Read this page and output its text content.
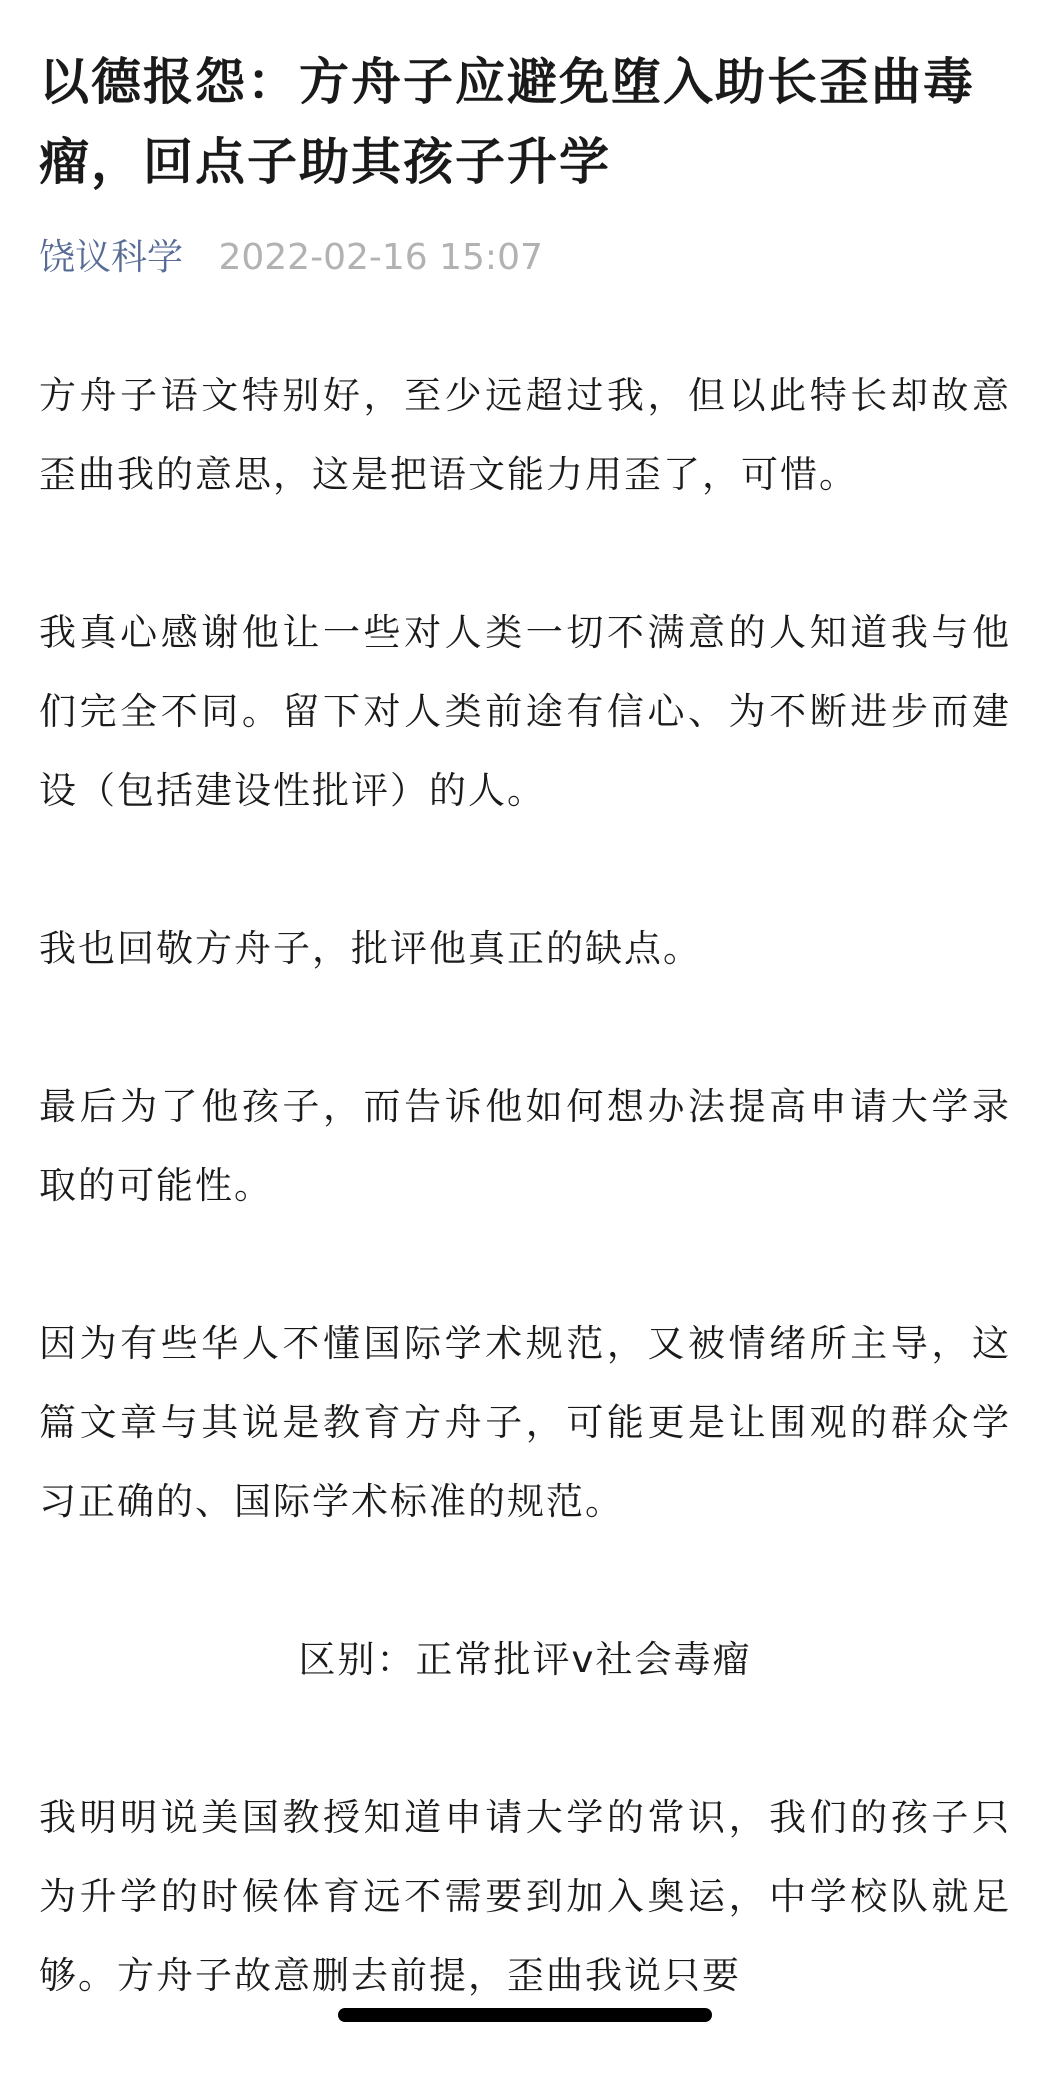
以德报怨：方舟子应避免堕入助长歪曲毒瘤，回点子助其孩子升学
饶议科学 2022-02-16 15:07

方舟子语文特别好，至少远超过我，但以此特长却故意歪曲我的意思，这是把语文能力用歪了，可惜。

我真心感谢他让一些对人类一切不满意的人知道我与他们完全不同。留下对人类前途有信心、为不断进步而建设（包括建设性批评）的人。

我也回敬方舟子，批评他真正的缺点。

最后为了他孩子，而告诉他如何想办法提高申请大学录取的可能性。

因为有些华人不懂国际学术规范，又被情绪所主导，这篇文章与其说是教育方舟子，可能更是让围观的群众学习正确的、国际学术标准的规范。

区别：正常批评v社会毒瘤

我明明说美国教授知道申请大学的常识，我们的孩子只为升学的时候体育远不需要到加入奥运，中学校队就足够。方舟子故意删去前提，歪曲我说只要
